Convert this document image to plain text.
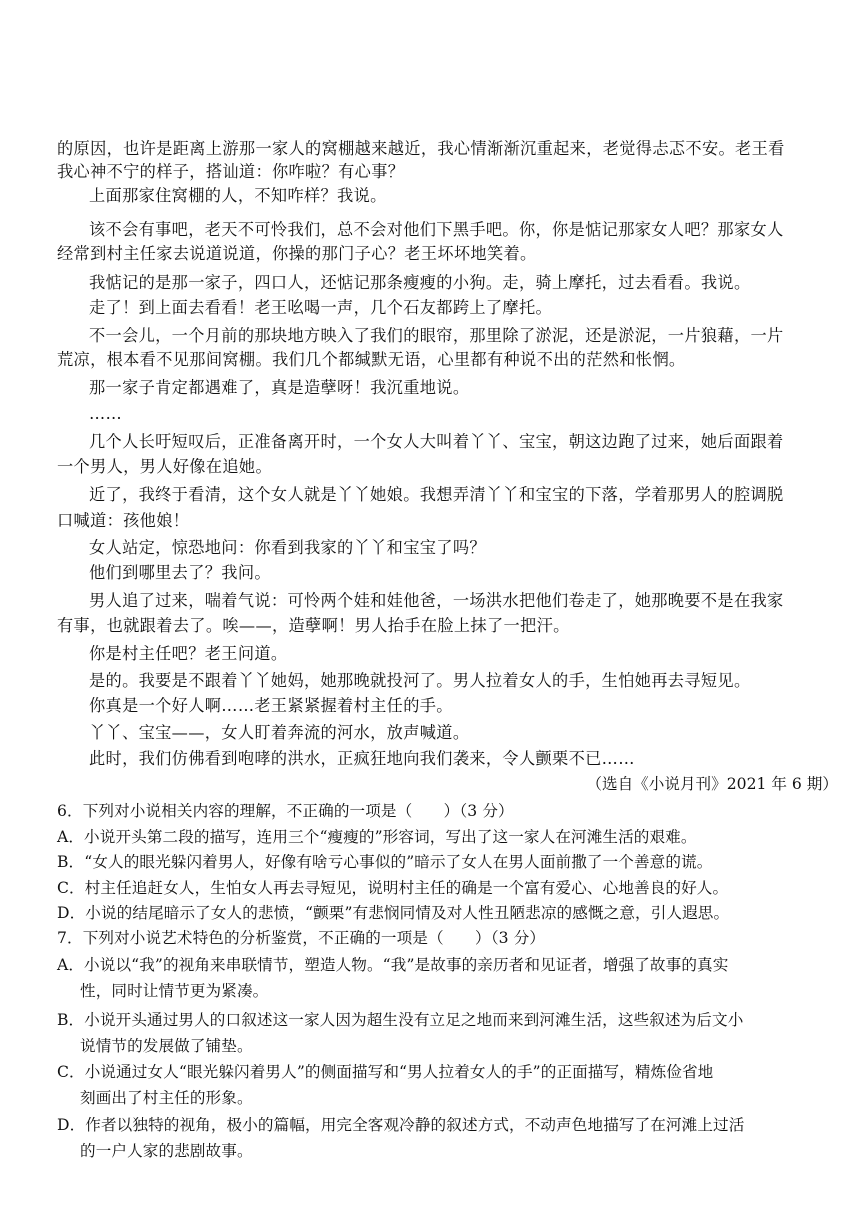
的原因，也许是距离上游那一家人的窝棚越来越近，我心情渐渐沉重起来，老觉得忐忑不安。老王看
我心神不宁的样子，搭讪道：你咋啦？有心事？
上面那家住窝棚的人，不知咋样？我说。
该不会有事吧，老天不可怜我们，总不会对他们下黑手吧。你，你是惦记那家女人吧？那家女人
经常到村主任家去说道说道，你操的那门子心？老王坏坏地笑着。
我惦记的是那一家子，四口人，还惦记那条瘦瘦的小狗。走，骑上摩托，过去看看。我说。
走了！到上面去看看！老王吆喝一声，几个石友都跨上了摩托。
不一会儿，一个月前的那块地方映入了我们的眼帘，那里除了淤泥，还是淤泥，一片狼藉，一片
荒凉，根本看不见那间窝棚。我们几个都缄默无语，心里都有种说不出的茫然和怅惘。
那一家子肯定都遇难了，真是造孽呀！我沉重地说。
……
几个人长吁短叹后，正准备离开时，一个女人大叫着丫丫、宝宝，朝这边跑了过来，她后面跟着
一个男人，男人好像在追她。
近了，我终于看清，这个女人就是丫丫她娘。我想弄清丫丫和宝宝的下落，学着那男人的腔调脱
口喊道：孩他娘！
女人站定，惊恐地问：你看到我家的丫丫和宝宝了吗？
他们到哪里去了？我问。
男人追了过来，喘着气说：可怜两个娃和娃他爸，一场洪水把他们卷走了，她那晚要不是在我家
有事，也就跟着去了。唉——，造孽啊！男人抬手在脸上抹了一把汗。
你是村主任吧？老王问道。
是的。我要是不跟着丫丫她妈，她那晚就投河了。男人拉着女人的手，生怕她再去寻短见。
你真是一个好人啊……老王紧紧握着村主任的手。
丫丫、宝宝——，女人盯着奔流的河水，放声喊道。
此时，我们仿佛看到咆哮的洪水，正疯狂地向我们袭来，令人颤栗不已……
（选自《小说月刊》2021 年 6 期）
6．下列对小说相关内容的理解，不正确的一项是（　　）（3 分）
A．小说开头第二段的描写，连用三个“瘦瘦的”形容词，写出了这一家人在河滩生活的艰难。
B．“女人的眼光躲闪着男人，好像有啥亏心事似的”暗示了女人在男人面前撒了一个善意的谎。
C．村主任追赶女人，生怕女人再去寻短见，说明村主任的确是一个富有爱心、心地善良的好人。
D．小说的结尾暗示了女人的悲愤，“颤栗”有悲悯同情及对人性丑陋悲凉的感慨之意，引人遐思。
7．下列对小说艺术特色的分析鉴赏，不正确的一项是（　　）（3 分）
A．小说以“我”的视角来串联情节，塑造人物。“我”是故事的亲历者和见证者，增强了故事的真实
性，同时让情节更为紧凑。
B．小说开头通过男人的口叙述这一家人因为超生没有立足之地而来到河滩生活，这些叙述为后文小
说情节的发展做了铺垫。
C．小说通过女人“眼光躲闪着男人”的侧面描写和“男人拉着女人的手”的正面描写，精炼俭省地
刻画出了村主任的形象。
D．作者以独特的视角，极小的篇幅，用完全客观冷静的叙述方式，不动声色地描写了在河滩上过活
的一户人家的悲剧故事。
